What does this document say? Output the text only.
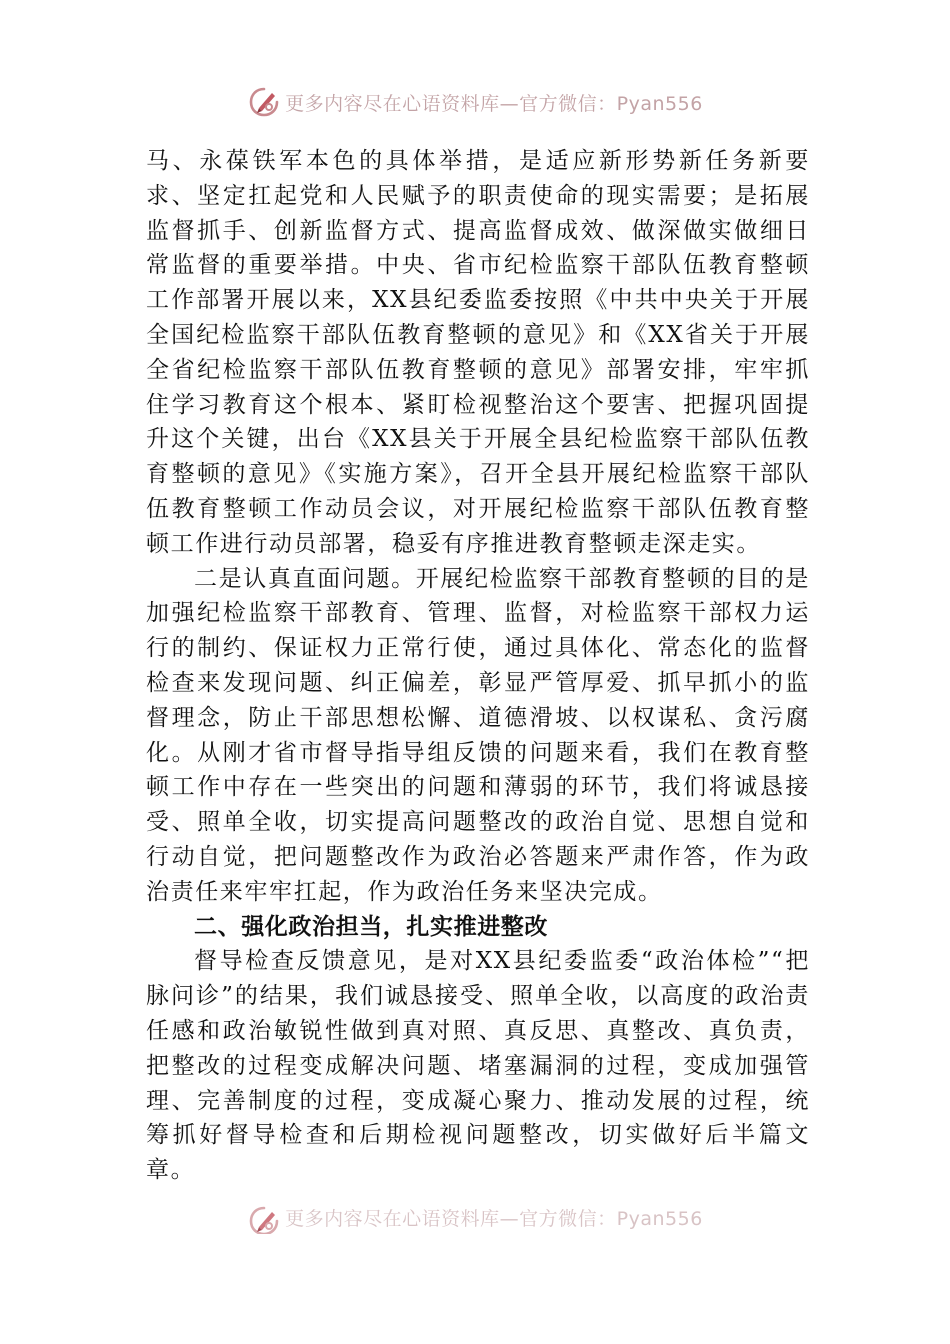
更多内容尽在心语资料库—官方微信：Pyan556

马、永葆铁军本色的具体举措，是适应新形势新任务新要求、坚定扛起党和人民赋予的职责使命的现实需要；是拓展监督抓手、创新监督方式、提高监督成效、做深做实做细日常监督的重要举措。中央、省市纪检监察干部队伍教育整顿工作部署开展以来，XX县纪委监委按照《中共中央关于开展全国纪检监察干部队伍教育整顿的意见》和《XX省关于开展全省纪检监察干部队伍教育整顿的意见》部署安排，牢牢抓住学习教育这个根本、紧盯检视整治这个要害、把握巩固提升这个关键，出台《XX县关于开展全县纪检监察干部队伍教育整顿的意见》《实施方案》，召开全县开展纪检监察干部队伍教育整顿工作动员会议，对开展纪检监察干部队伍教育整顿工作进行动员部署，稳妥有序推进教育整顿走深走实。

二是认真直面问题。开展纪检监察干部教育整顿的目的是加强纪检监察干部教育、管理、监督，对检监察干部权力运行的制约、保证权力正常行使，通过具体化、常态化的监督检查来发现问题、纠正偏差，彰显严管厚爱、抓早抓小的监督理念，防止干部思想松懈、道德滑坡、以权谋私、贪污腐化。从刚才省市督导指导组反馈的问题来看，我们在教育整顿工作中存在一些突出的问题和薄弱的环节，我们将诚恳接受、照单全收，切实提高问题整改的政治自觉、思想自觉和行动自觉，把问题整改作为政治必答题来严肃作答，作为政治责任来牢牢扛起，作为政治任务来坚决完成。

二、强化政治担当，扎实推进整改

督导检查反馈意见，是对XX县纪委监委“政治体检”“把脉问诊”的结果，我们诚恳接受、照单全收，以高度的政治责任感和政治敏锐性做到真对照、真反思、真整改、真负责，把整改的过程变成解决问题、堵塞漏洞的过程，变成加强管理、完善制度的过程，变成凝心聚力、推动发展的过程，统筹抓好督导检查和后期检视问题整改，切实做好后半篇文章。

更多内容尽在心语资料库—官方微信：Pyan556
